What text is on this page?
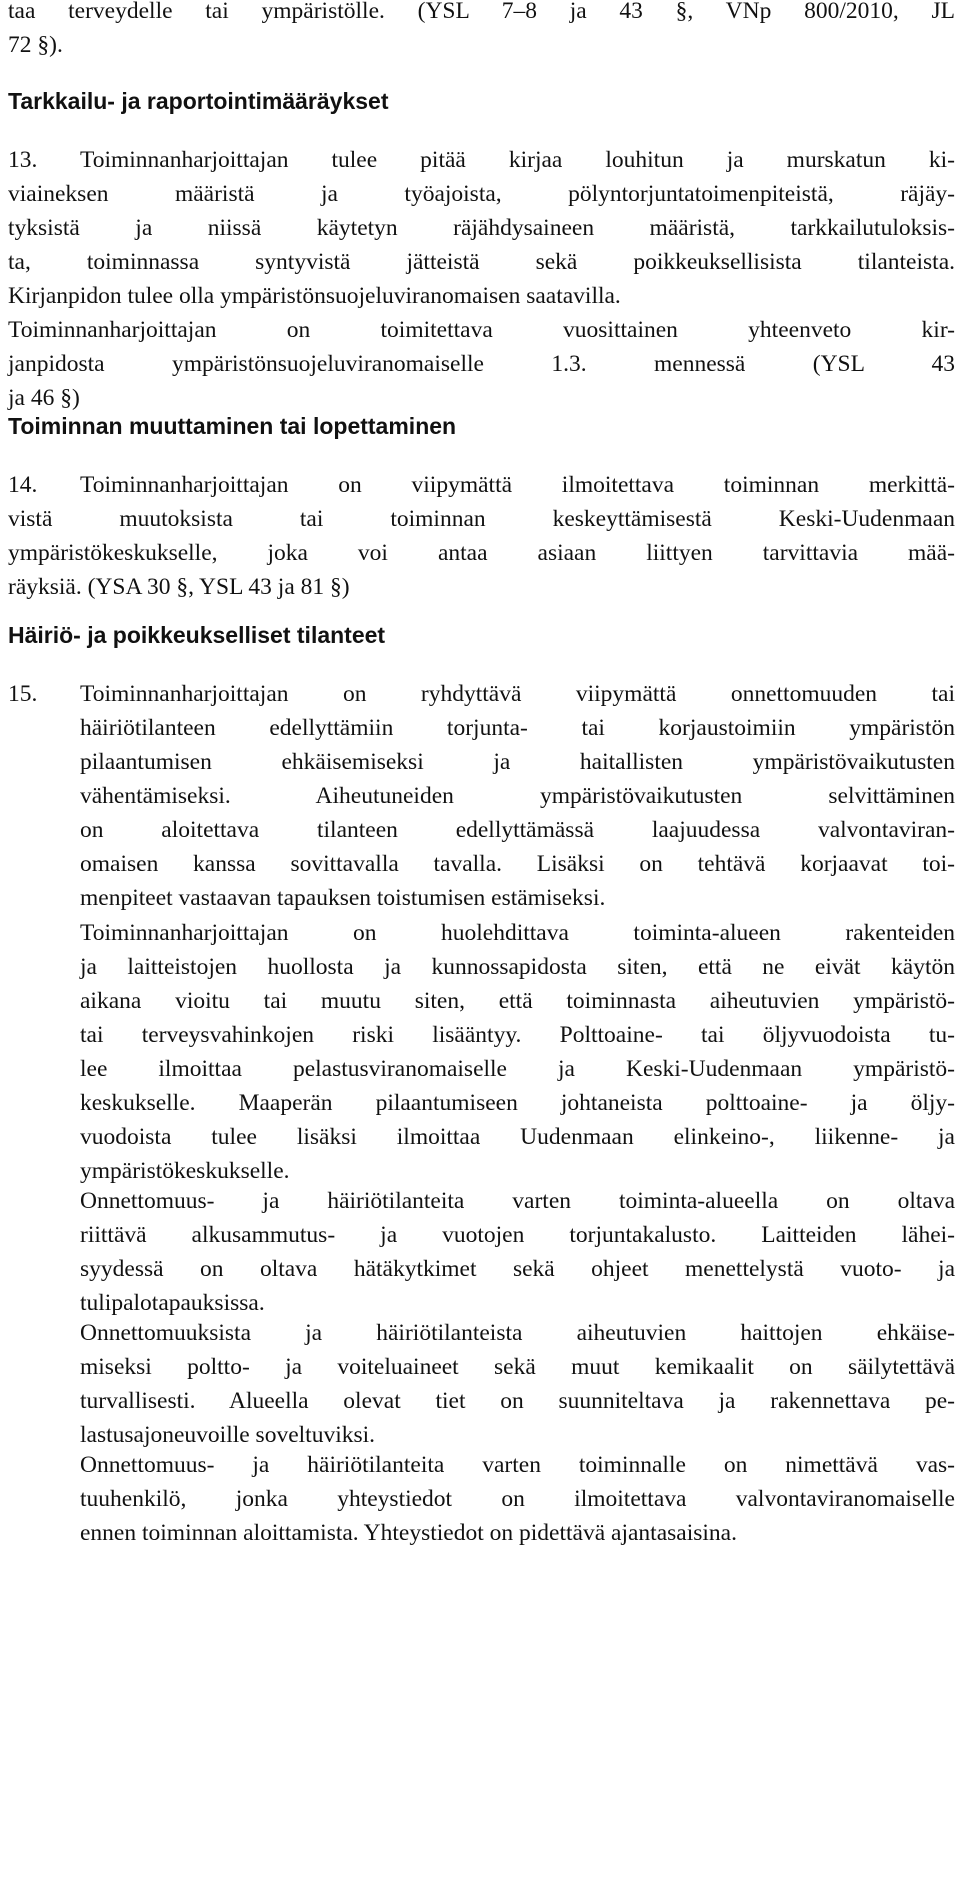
taa terveydelle tai ympäristölle. (YSL 7–8 ja 43 §, VNp 800/2010, JL
72 §).
Tarkkailu- ja raportointimääräykset
13. Toiminnanharjoittajan tulee pitää kirjaa louhitun ja murskatun ki-
viaineksen määristä ja työajoista, pölyntorjuntatoimenpiteistä, räjäy-
tyksistä ja niissä käytetyn räjähdysaineen määristä, tarkkailutuloksis-
ta, toiminnassa syntyvistä jätteistä sekä poikkeuksellisista tilanteista.
Kirjanpidon tulee olla ympäristönsuojeluviranomaisen saatavilla.
Toiminnanharjoittajan on toimitettava vuosittainen yhteenveto kir-
janpidosta ympäristönsuojeluviranomaiselle 1.3. mennessä (YSL 43
ja 46 §)
Toiminnan muuttaminen tai lopettaminen
14. Toiminnanharjoittajan on viipymättä ilmoitettava toiminnan merkittä-
vistä muutoksista tai toiminnan keskeyttämisestä Keski-Uudenmaan
ympäristökeskukselle, joka voi antaa asiaan liittyen tarvittavia mää-
räyksiä. (YSA 30 §, YSL 43 ja 81 §)
Häiriö- ja poikkeukselliset tilanteet
15. Toiminnanharjoittajan on ryhdyttävä viipymättä onnettomuuden tai
häiriötilanteen edellyttämiin torjunta- tai korjaustoimiin ympäristön
pilaantumisen ehkäisemiseksi ja haitallisten ympäristövaikutusten
vähentämiseksi. Aiheutuneiden ympäristövaikutusten selvittäminen
on aloitettava tilanteen edellyttämässä laajuudessa valvontaviran-
omaisen kanssa sovittavalla tavalla. Lisäksi on tehtävä korjaavat toi-
menpiteet vastaavan tapauksen toistumisen estämiseksi.
Toiminnanharjoittajan on huolehdittava toiminta-alueen rakenteiden
ja laitteistojen huollosta ja kunnossapidosta siten, että ne eivät käytön
aikana vioitu tai muutu siten, että toiminnasta aiheutuvien ympäristö-
tai terveysvahinkojen riski lisääntyy. Polttoaine- tai öljyvuodoista tu-
lee ilmoittaa pelastusviranomaiselle ja Keski-Uudenmaan ympäristö-
keskukselle. Maaperän pilaantumiseen johtaneista polttoaine- ja öljy-
vuodoista tulee lisäksi ilmoittaa Uudenmaan elinkeino-, liikenne- ja
ympäristökeskukselle.
Onnettomuus- ja häiriötilanteita varten toiminta-alueella on oltava
riittävä alkusammutus- ja vuotojen torjuntakalusto. Laitteiden lähei-
syydessä on oltava hätäkytkimet sekä ohjeet menettelystä vuoto- ja
tulipalotapauksissa.
Onnettomuuksista ja häiriötilanteista aiheutuvien haittojen ehkäise-
miseksi poltto- ja voiteluaineet sekä muut kemikaalit on säilytettävä
turvallisesti. Alueella olevat tiet on suunniteltava ja rakennettava pe-
lastusajoneuvoille soveltuviksi.
Onnettomuus- ja häiriötilanteita varten toiminnalle on nimettävä vas-
tuuhenkilö, jonka yhteystiedot on ilmoitettava valvontaviranomaiselle
ennen toiminnan aloittamista. Yhteystiedot on pidettävä ajantasaisina.
